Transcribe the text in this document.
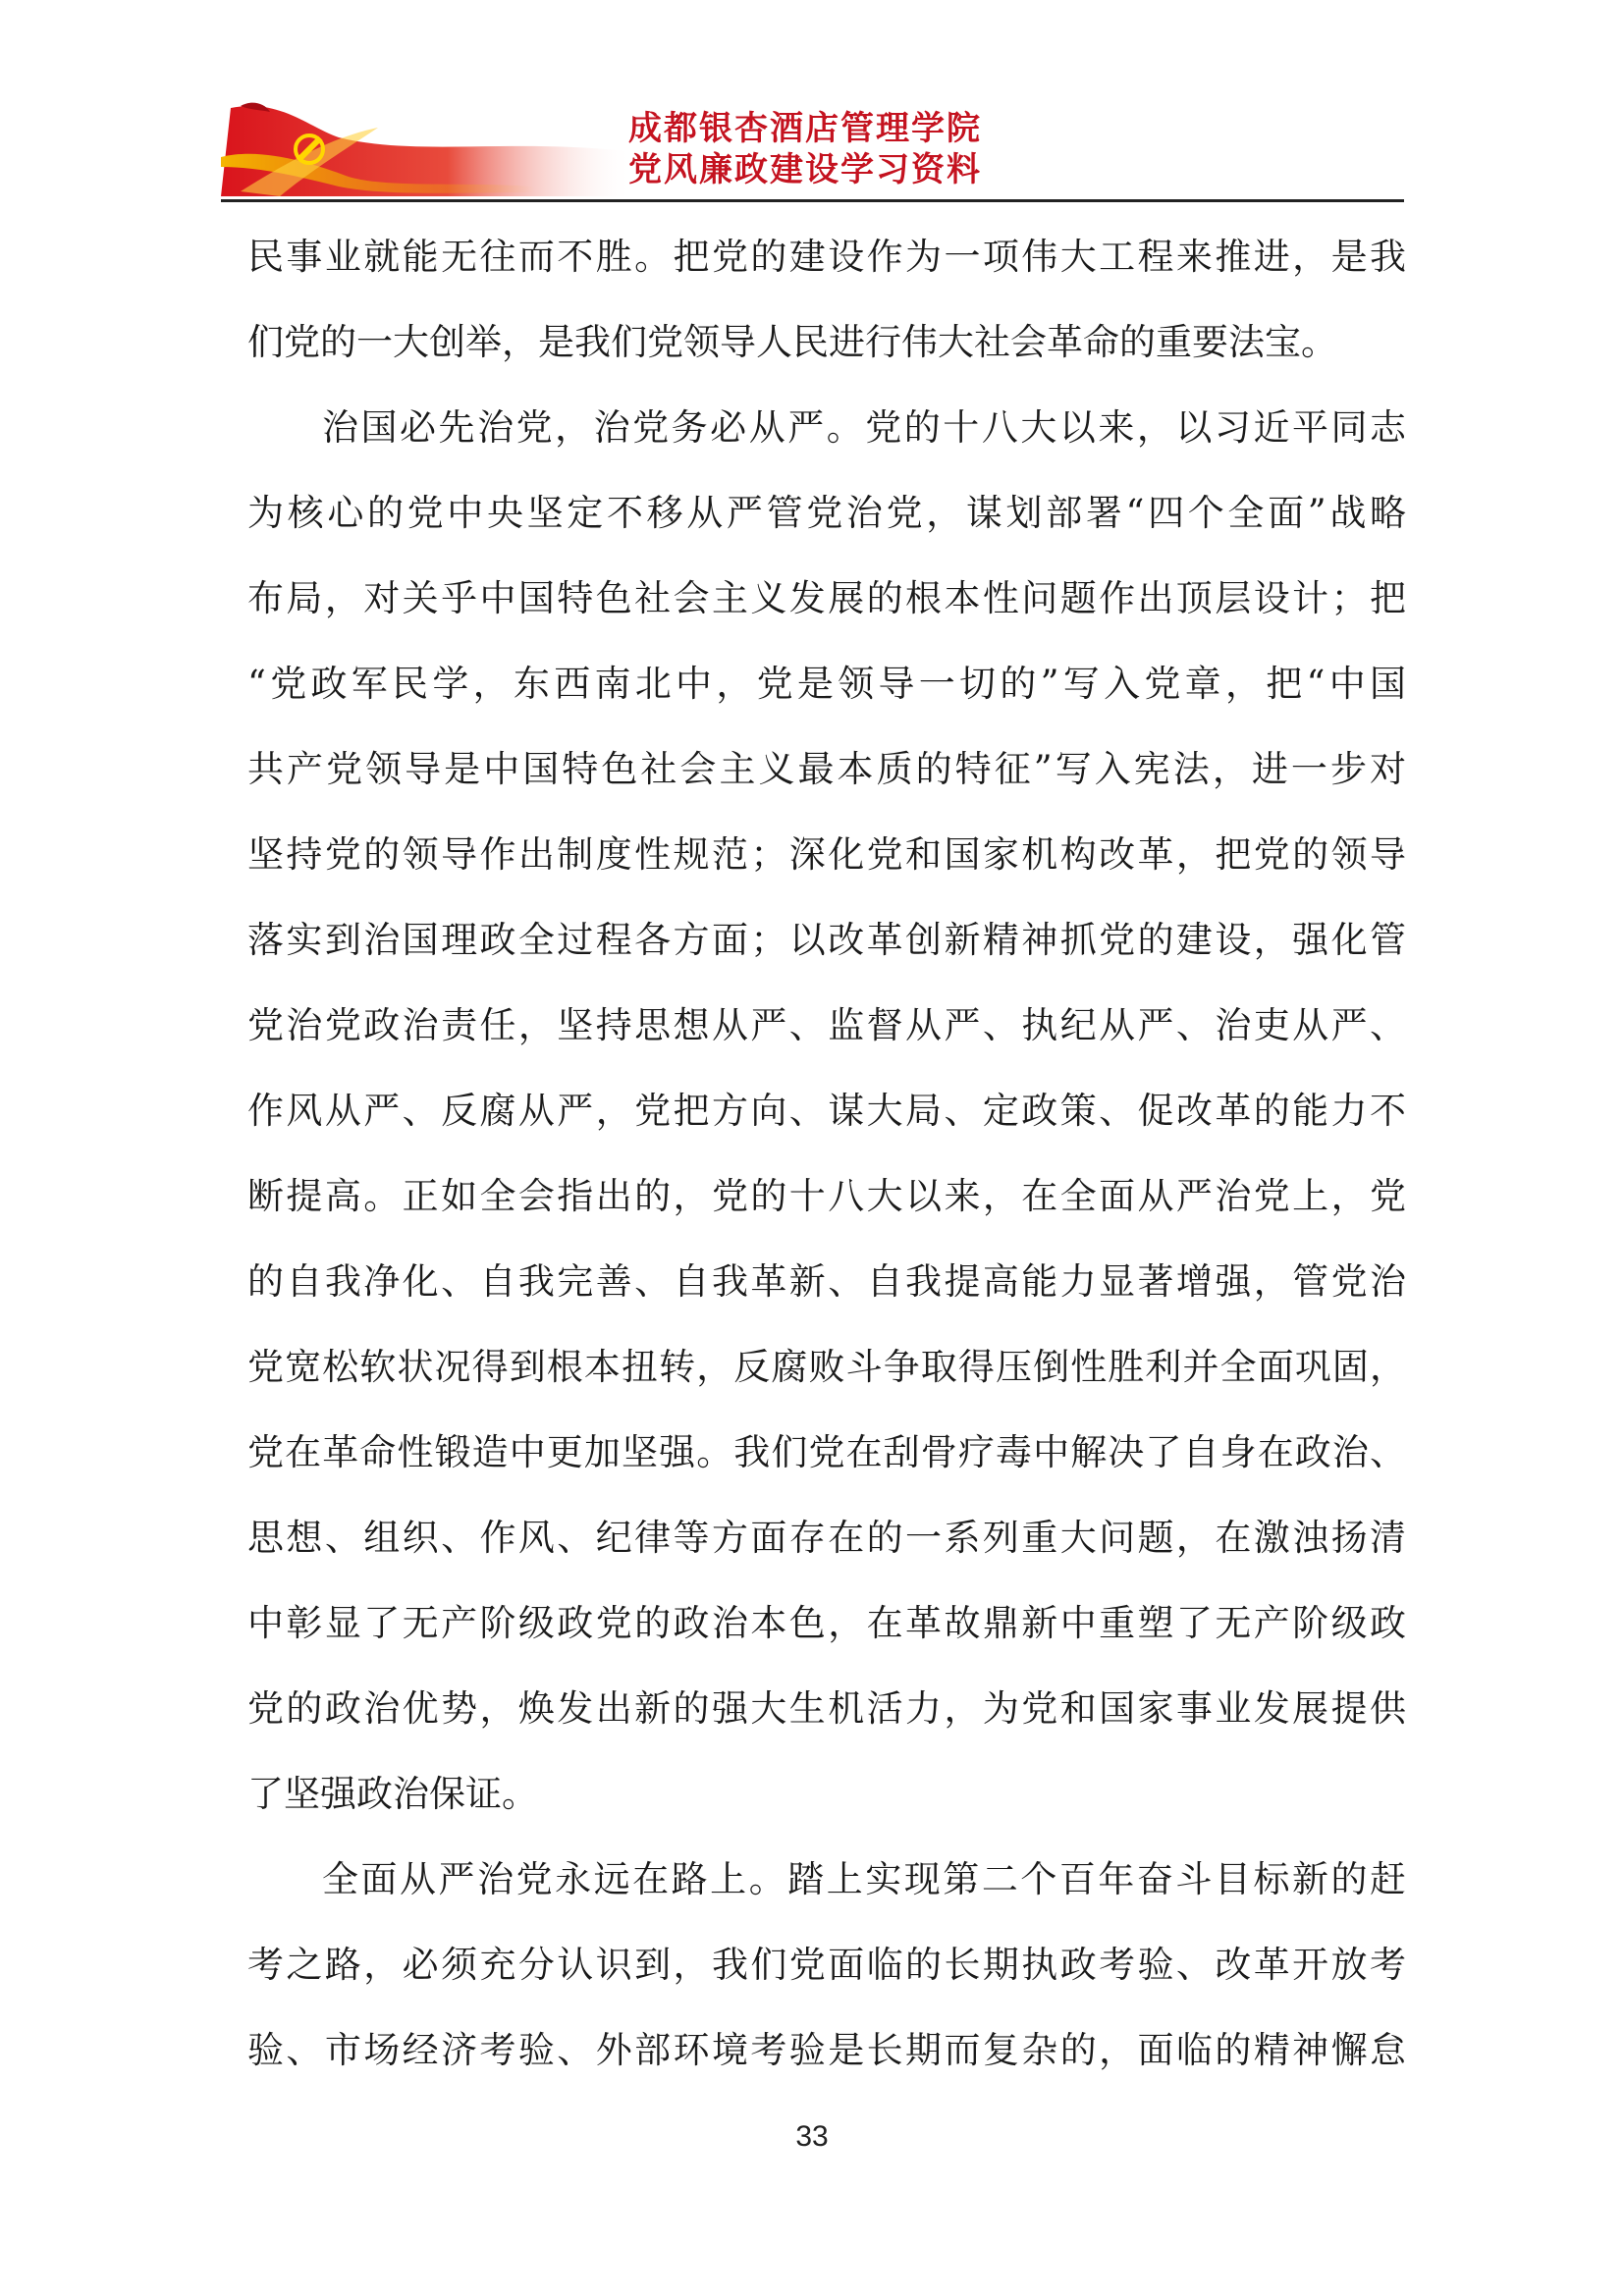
成都银杏酒店管理学院
党风廉政建设学习资料
民事业就能无往而不胜。把党的建设作为一项伟大工程来推进，是我
们党的一大创举，是我们党领导人民进行伟大社会革命的重要法宝。
治国必先治党，治党务必从严。党的十八大以来，以习近平同志
为核心的党中央坚定不移从严管党治党，谋划部署“四个全面”战略
布局，对关乎中国特色社会主义发展的根本性问题作出顶层设计；把
“党政军民学，东西南北中，党是领导一切的”写入党章，把“中国
共产党领导是中国特色社会主义最本质的特征”写入宪法，进一步对
坚持党的领导作出制度性规范；深化党和国家机构改革，把党的领导
落实到治国理政全过程各方面；以改革创新精神抓党的建设，强化管
党治党政治责任，坚持思想从严、监督从严、执纪从严、治吏从严、
作风从严、反腐从严，党把方向、谋大局、定政策、促改革的能力不
断提高。正如全会指出的，党的十八大以来，在全面从严治党上，党
的自我净化、自我完善、自我革新、自我提高能力显著增强，管党治
党宽松软状况得到根本扭转，反腐败斗争取得压倒性胜利并全面巩固，
党在革命性锻造中更加坚强。我们党在刮骨疗毒中解决了自身在政治、
思想、组织、作风、纪律等方面存在的一系列重大问题，在激浊扬清
中彰显了无产阶级政党的政治本色，在革故鼎新中重塑了无产阶级政
党的政治优势，焕发出新的强大生机活力，为党和国家事业发展提供
了坚强政治保证。
全面从严治党永远在路上。踏上实现第二个百年奋斗目标新的赶
考之路，必须充分认识到，我们党面临的长期执政考验、改革开放考
验、市场经济考验、外部环境考验是长期而复杂的，面临的精神懈怠
33
